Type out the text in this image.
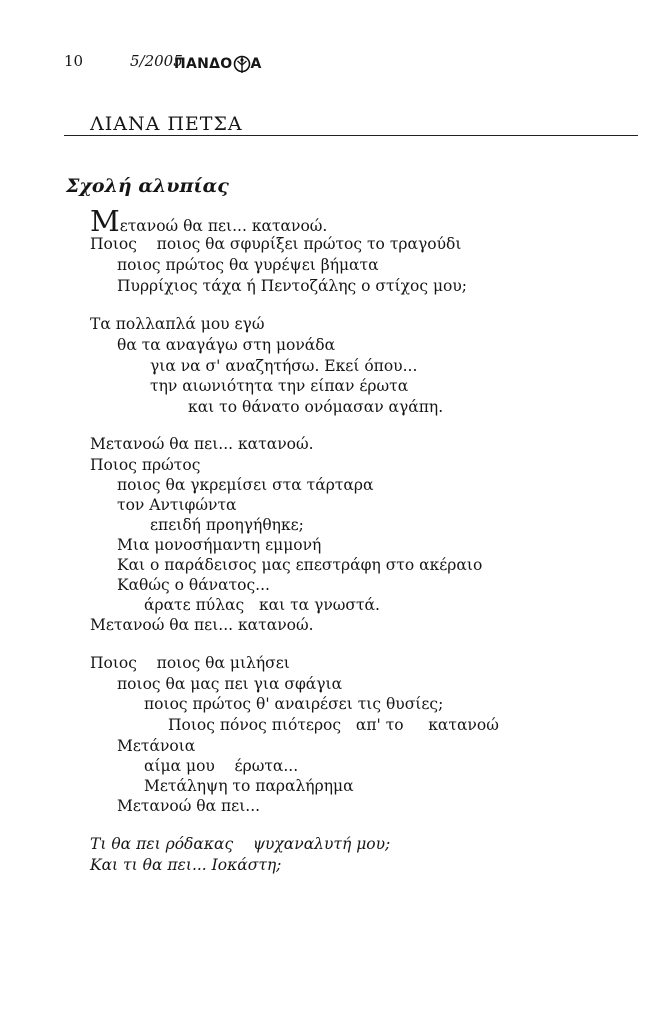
10	5/2005
ΠΑΝΔΟ Α
ΛΙΑΝΑ ΠΕΤΣΑ
Σχολή αλυπίας
Μετανοώ θα πει... κατανοώ.
Ποιος    ποιος θα σφυρίξει πρώτος το τραγούδι
ποιος πρώτος θα γυρέψει βήματα
Πυρρίχιος τάχα ή Πεντοζάλης ο στίχος μου;
Τα πολλαπλά μου εγώ
θα τα αναγάγω στη μονάδα
για να σ' αναζητήσω. Εκεί όπου...
την αιωνιότητα την είπαν έρωτα
και το θάνατο ονόμασαν αγάπη.
Μετανοώ θα πει... κατανοώ.
Ποιος πρώτος
ποιος θα γκρεμίσει στα τάρταρα
τον Αντιφώντα
επειδή προηγήθηκε;
Μια μονοσήμαντη εμμονή
Και ο παράδεισος μας επεστράφη στο ακέραιο
Καθώς ο θάνατος...
άρατε πύλας   και τα γνωστά.
Μετανοώ θα πει... κατανοώ.
Ποιος    ποιος θα μιλήσει
ποιος θα μας πει για σφάγια
ποιος πρώτος θ' αναιρέσει τις θυσίες;
Ποιος πόνος πιότερος   απ' το     κατανοώ
Μετάνοια
αίμα μου    έρωτα...
Μετάληψη το παραλήρημα
Μετανοώ θα πει...
Τι θα πει ρόδακας    ψυχαναλυτή μου;
Και τι θα πει... Ιοκάστη;
